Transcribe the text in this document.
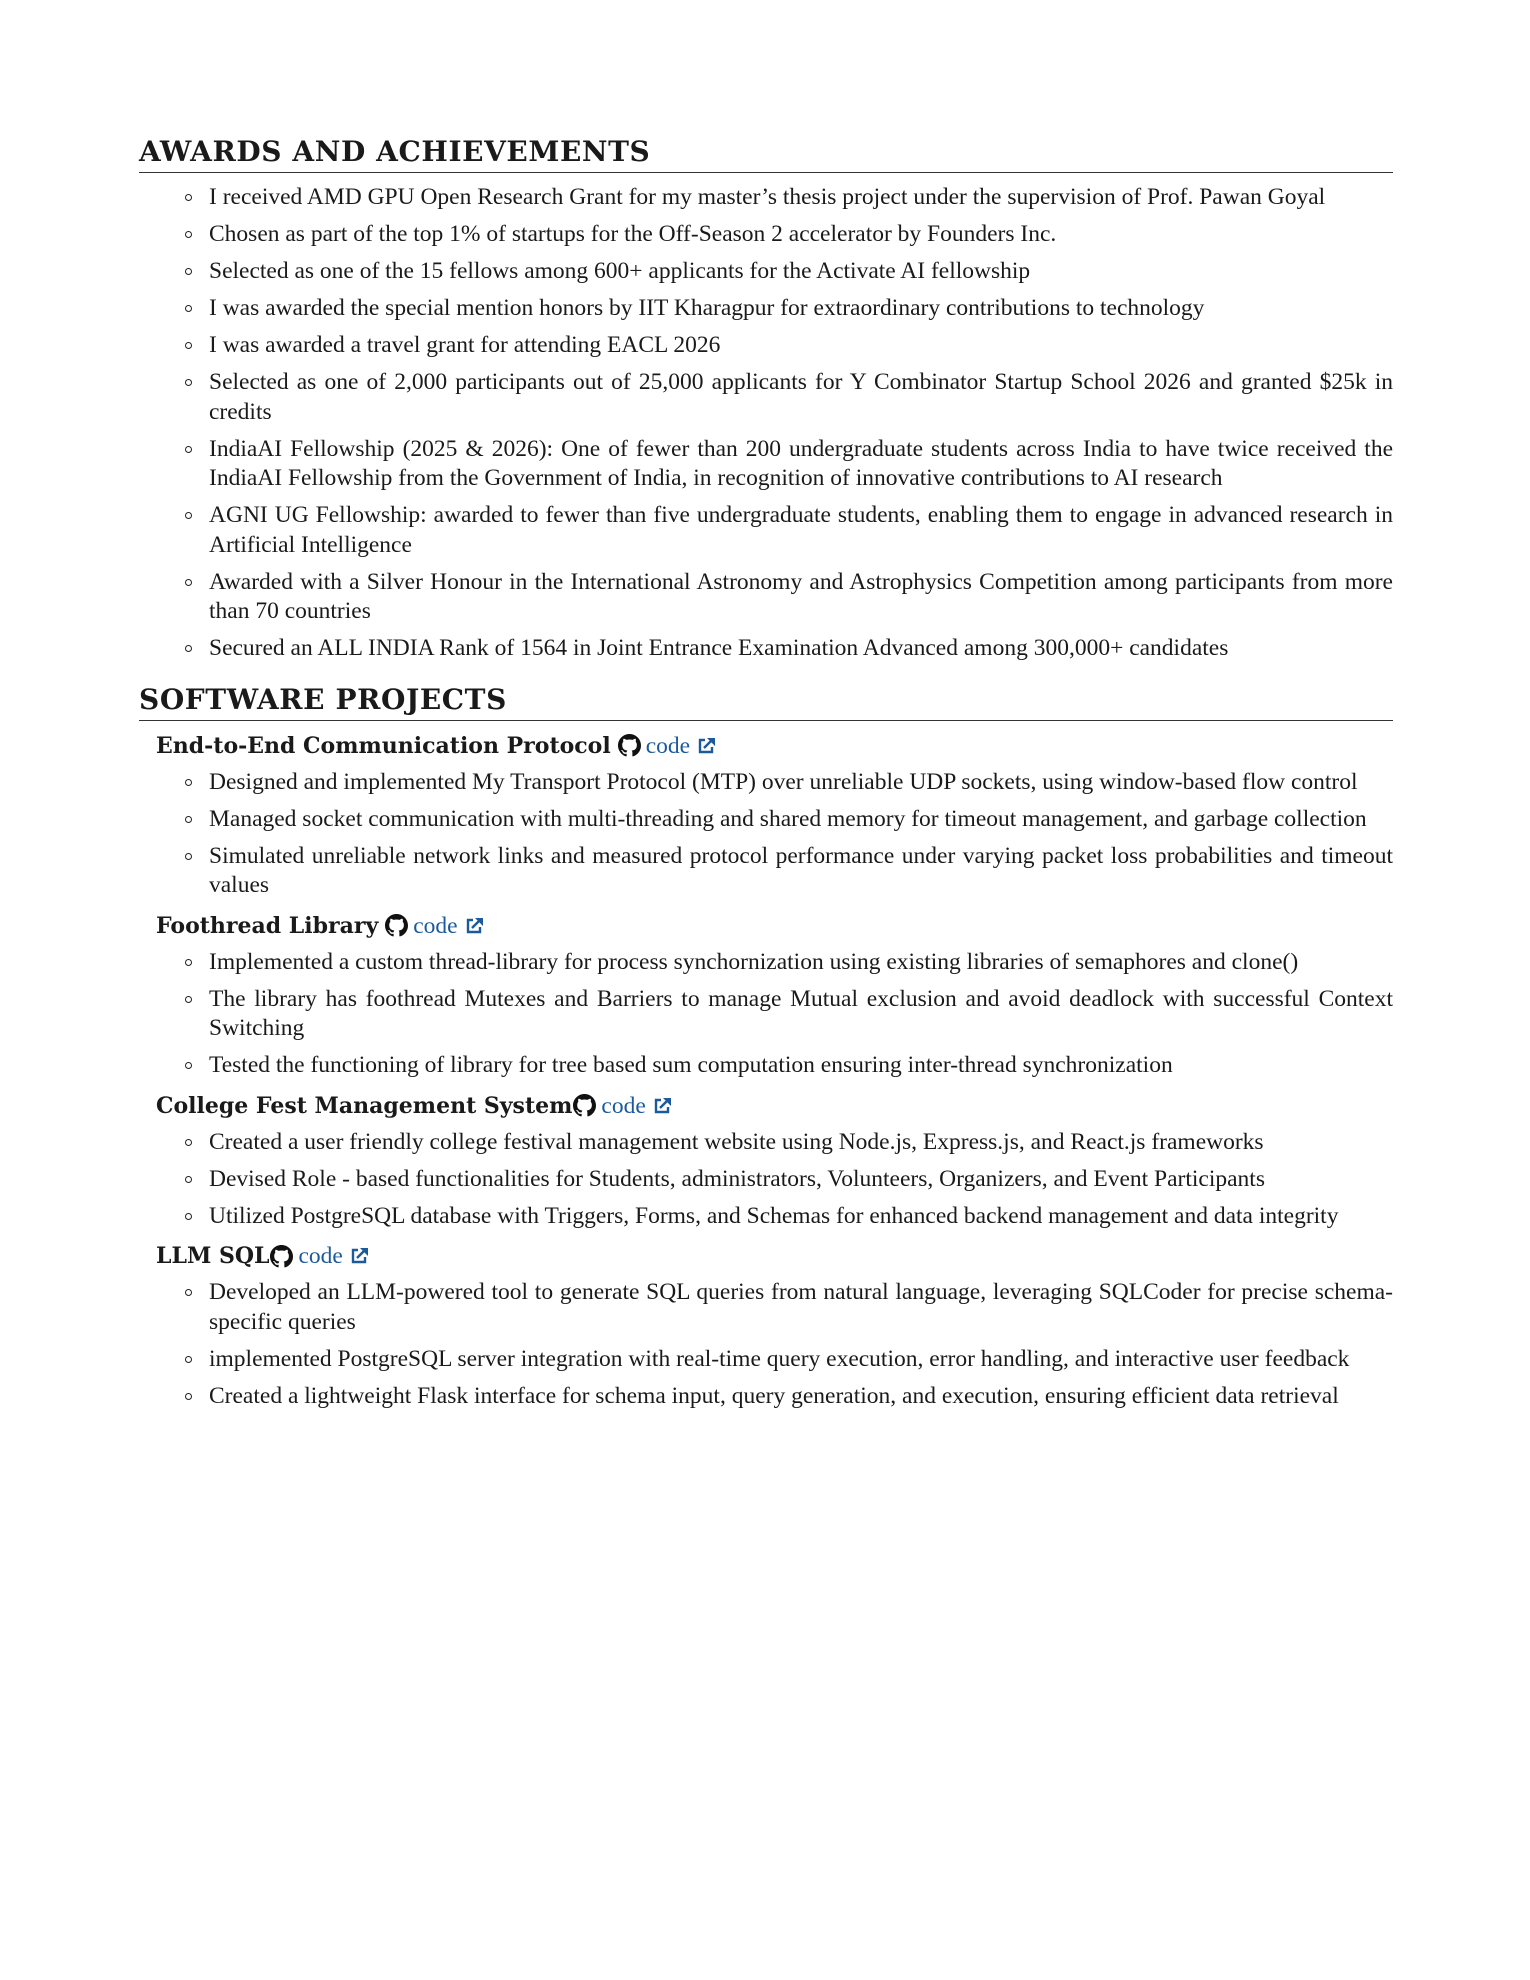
AWARDS AND ACHIEVEMENTS
I received AMD GPU Open Research Grant for my master’s thesis project under the supervision of Prof. Pawan Goyal
Chosen as part of the top 1% of startups for the Off-Season 2 accelerator by Founders Inc.
Selected as one of the 15 fellows among 600+ applicants for the Activate AI fellowship
I was awarded the special mention honors by IIT Kharagpur for extraordinary contributions to technology
I was awarded a travel grant for attending EACL 2026
Selected as one of 2,000 participants out of 25,000 applicants for Y Combinator Startup School 2026 and granted $25k in credits
IndiaAI Fellowship (2025 & 2026): One of fewer than 200 undergraduate students across India to have twice received the IndiaAI Fellowship from the Government of India, in recognition of innovative contributions to AI research
AGNI UG Fellowship: awarded to fewer than five undergraduate students, enabling them to engage in advanced research in Artificial Intelligence
Awarded with a Silver Honour in the International Astronomy and Astrophysics Competition among participants from more than 70 countries
Secured an ALL INDIA Rank of 1564 in Joint Entrance Examination Advanced among 300,000+ candidates
SOFTWARE PROJECTS
End-to-End Communication Protocol code
Designed and implemented My Transport Protocol (MTP) over unreliable UDP sockets, using window-based flow control
Managed socket communication with multi-threading and shared memory for timeout management, and garbage collection
Simulated unreliable network links and measured protocol performance under varying packet loss probabilities and timeout values
Foothread Library code
Implemented a custom thread-library for process synchornization using existing libraries of semaphores and clone()
The library has foothread Mutexes and Barriers to manage Mutual exclusion and avoid deadlock with successful Context Switching
Tested the functioning of library for tree based sum computation ensuring inter-thread synchronization
College Fest Management System code
Created a user friendly college festival management website using Node.js, Express.js, and React.js frameworks
Devised Role - based functionalities for Students, administrators, Volunteers, Organizers, and Event Participants
Utilized PostgreSQL database with Triggers, Forms, and Schemas for enhanced backend management and data integrity
LLM SQL code
Developed an LLM-powered tool to generate SQL queries from natural language, leveraging SQLCoder for precise schema-specific queries
implemented PostgreSQL server integration with real-time query execution, error handling, and interactive user feedback
Created a lightweight Flask interface for schema input, query generation, and execution, ensuring efficient data retrieval
